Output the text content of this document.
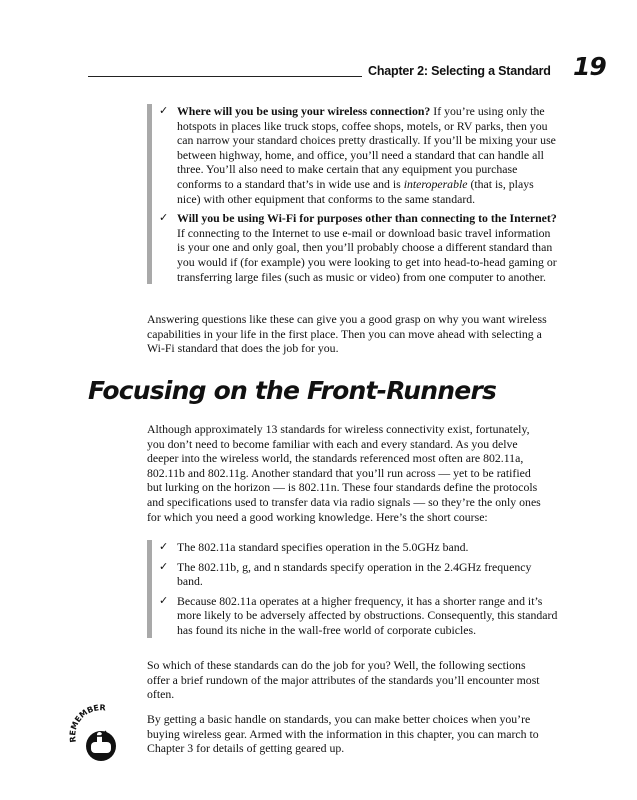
Chapter 2: Selecting a Standard 19
✓ Where will you be using your wireless connection? If you’re using only the hotspots in places like truck stops, coffee shops, motels, or RV parks, then you can narrow your standard choices pretty drastically. If you’ll be mixing your use between highway, home, and office, you’ll need a standard that can handle all three. You’ll also need to make certain that any equipment you purchase conforms to a standard that’s in wide use and is interoperable (that is, plays nice) with other equipment that conforms to the same standard.
✓ Will you be using Wi-Fi for purposes other than connecting to the Internet? If connecting to the Internet to use e-mail or download basic travel information is your one and only goal, then you’ll probably choose a different standard than you would if (for example) you were looking to get into head-to-head gaming or transferring large files (such as music or video) from one computer to another.

Answering questions like these can give you a good grasp on why you want wireless capabilities in your life in the first place. Then you can move ahead with selecting a Wi-Fi standard that does the job for you.

Focusing on the Front-Runners

Although approximately 13 standards for wireless connectivity exist, fortunately, you don’t need to become familiar with each and every standard. As you delve deeper into the wireless world, the standards referenced most often are 802.11a, 802.11b and 802.11g. Another standard that you’ll run across — yet to be ratified but lurking on the horizon — is 802.11n. These four standards define the protocols and specifications used to transfer data via radio signals — so they’re the only ones for which you need a good working knowledge. Here’s the short course:

✓ The 802.11a standard specifies operation in the 5.0GHz band.
✓ The 802.11b, g, and n standards specify operation in the 2.4GHz frequency band.
✓ Because 802.11a operates at a higher frequency, it has a shorter range and it’s more likely to be adversely affected by obstructions. Consequently, this standard has found its niche in the wall-free world of corporate cubicles.

So which of these standards can do the job for you? Well, the following sections offer a brief rundown of the major attributes of the standards you’ll encounter most often.

REMEMBER

By getting a basic handle on standards, you can make better choices when you’re buying wireless gear. Armed with the information in this chapter, you can march to Chapter 3 for details of getting geared up.
